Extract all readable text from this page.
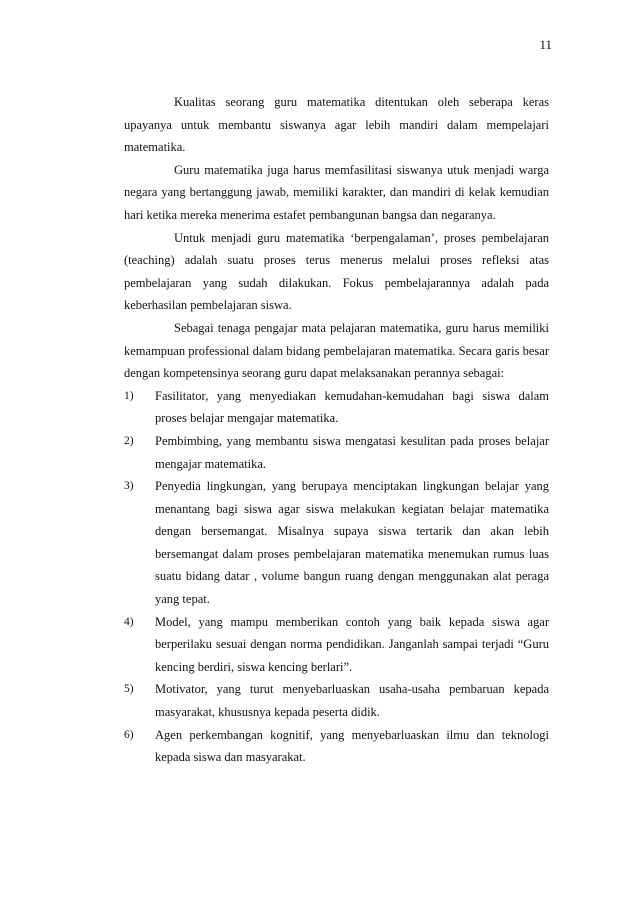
11

Kualitas seorang guru matematika ditentukan oleh seberapa keras upayanya untuk membantu siswanya agar lebih mandiri dalam mempelajari matematika.

Guru matematika juga harus memfasilitasi siswanya utuk menjadi warga negara yang bertanggung jawab, memiliki karakter, dan mandiri di kelak kemudian hari ketika mereka menerima estafet pembangunan bangsa dan negaranya.

Untuk menjadi guru matematika ‘berpengalaman’, proses pembelajaran (teaching) adalah suatu proses terus menerus melalui proses refleksi atas pembelajaran yang sudah dilakukan. Fokus pembelajarannya adalah pada keberhasilan pembelajaran siswa.

Sebagai tenaga pengajar mata pelajaran matematika, guru harus memiliki kemampuan professional dalam bidang pembelajaran matematika. Secara garis besar dengan kompetensinya seorang guru dapat melaksanakan perannya sebagai:

1) Fasilitator, yang menyediakan kemudahan-kemudahan bagi siswa dalam proses belajar mengajar matematika.
2) Pembimbing, yang membantu siswa mengatasi kesulitan pada proses belajar mengajar matematika.
3) Penyedia lingkungan, yang berupaya menciptakan lingkungan belajar yang menantang bagi siswa agar siswa melakukan kegiatan belajar matematika dengan bersemangat. Misalnya supaya siswa tertarik dan akan lebih bersemangat dalam proses pembelajaran matematika menemukan rumus luas suatu bidang datar , volume bangun ruang dengan menggunakan alat peraga yang tepat.
4) Model, yang mampu memberikan contoh yang baik kepada siswa agar berperilaku sesuai dengan norma pendidikan. Janganlah sampai terjadi “Guru kencing berdiri, siswa kencing berlari”.
5) Motivator, yang turut menyebarluaskan usaha-usaha pembaruan kepada masyarakat, khususnya kepada peserta didik.
6) Agen perkembangan kognitif, yang menyebarluaskan ilmu dan teknologi kepada siswa dan masyarakat.
